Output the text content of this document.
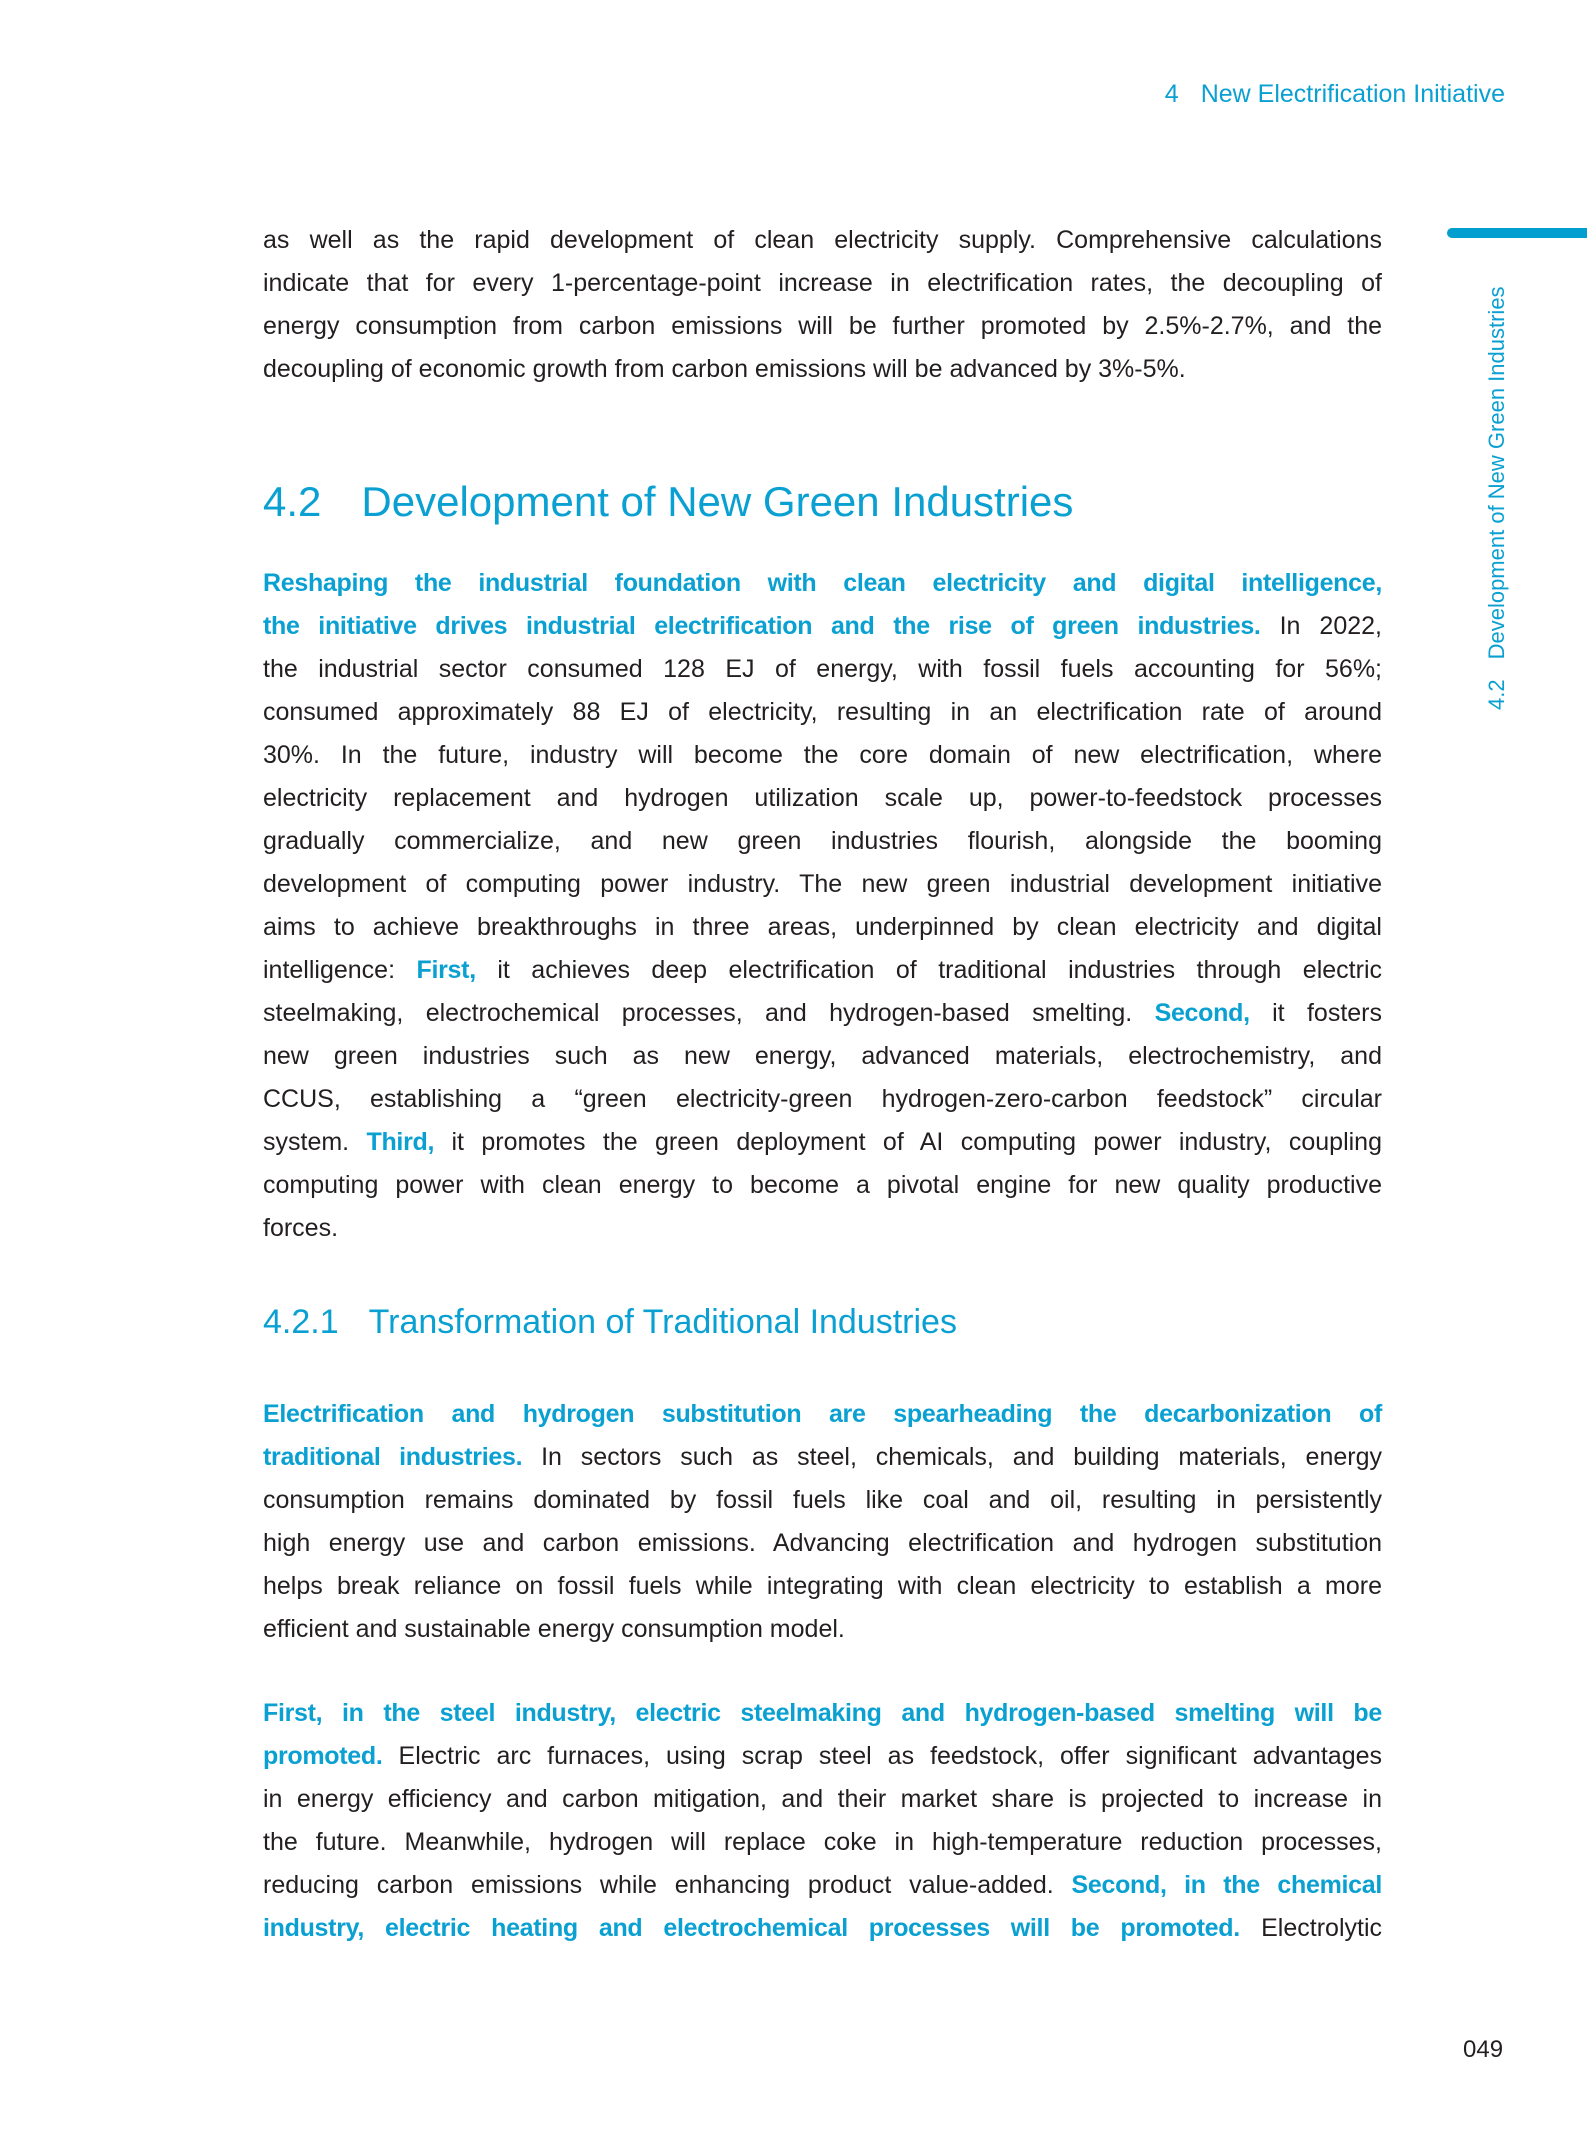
4 New Electrification Initiative
4.2Development of New Green Industries
as well as the rapid development of clean electricity supply. Comprehensive calculations
indicate that for every 1-percentage-point increase in electrification rates, the decoupling of
energy consumption from carbon emissions will be further promoted by 2.5%-2.7%, and the
decoupling of economic growth from carbon emissions will be advanced by 3%-5%.
4.2 Development of New Green Industries
Reshaping the industrial foundation with clean electricity and digital intelligence,
the initiative drives industrial electrification and the rise of green industries. In 2022,
the industrial sector consumed 128 EJ of energy, with fossil fuels accounting for 56%;
consumed approximately 88 EJ of electricity, resulting in an electrification rate of around
30%. In the future, industry will become the core domain of new electrification, where
electricity replacement and hydrogen utilization scale up, power-to-feedstock processes
gradually commercialize, and new green industries flourish, alongside the booming
development of computing power industry. The new green industrial development initiative
aims to achieve breakthroughs in three areas, underpinned by clean electricity and digital
intelligence: First, it achieves deep electrification of traditional industries through electric
steelmaking, electrochemical processes, and hydrogen-based smelting. Second, it fosters
new green industries such as new energy, advanced materials, electrochemistry, and
CCUS, establishing a “green electricity-green hydrogen-zero-carbon feedstock” circular
system. Third, it promotes the green deployment of AI computing power industry, coupling
computing power with clean energy to become a pivotal engine for new quality productive
forces.
4.2.1 Transformation of Traditional Industries
Electrification and hydrogen substitution are spearheading the decarbonization of
traditional industries. In sectors such as steel, chemicals, and building materials, energy
consumption remains dominated by fossil fuels like coal and oil, resulting in persistently
high energy use and carbon emissions. Advancing electrification and hydrogen substitution
helps break reliance on fossil fuels while integrating with clean electricity to establish a more
efficient and sustainable energy consumption model.
First, in the steel industry, electric steelmaking and hydrogen-based smelting will be
promoted. Electric arc furnaces, using scrap steel as feedstock, offer significant advantages
in energy efficiency and carbon mitigation, and their market share is projected to increase in
the future. Meanwhile, hydrogen will replace coke in high-temperature reduction processes,
reducing carbon emissions while enhancing product value-added. Second, in the chemical
industry, electric heating and electrochemical processes will be promoted. Electrolytic
049
